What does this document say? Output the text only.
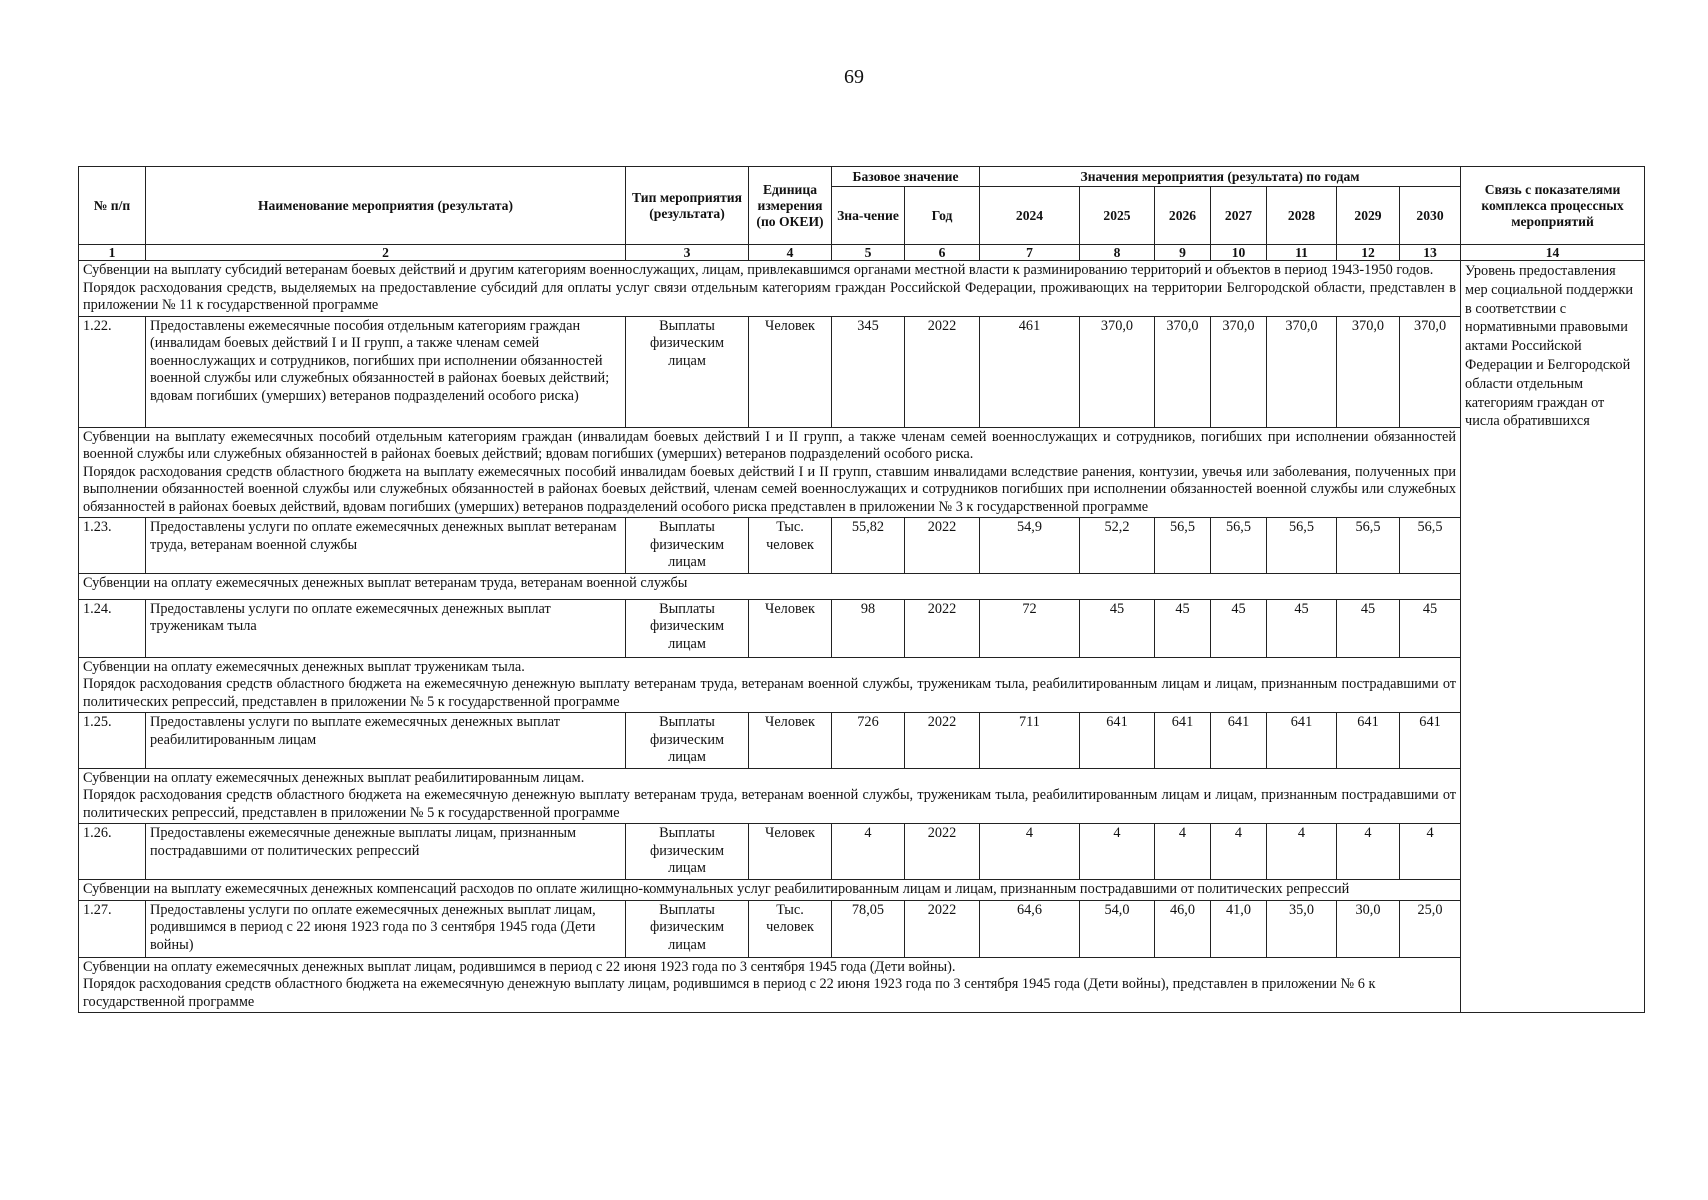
69
№ п/п	Наименование мероприятия (результата)	Тип мероприятия (результата)	Единица измерения (по ОКЕИ)	Базовое значение		Значения мероприятия (результата) по годам							Связь с показателями комплекса процессных мероприятий
				Зна-чение	Год	2024	2025	2026	2027	2028	2029	2030	
1	2	3	4	5	6	7	8	9	10	11	12	13	14

Субвенции на выплату субсидий ветеранам боевых действий и другим категориям военнослужащих, лицам, привлекавшимся органами местной власти к разминированию территорий и объектов в период 1943-1950 годов.

Порядок расходования средств, выделяемых на предоставление субсидий для оплаты услуг связи отдельным категориям граждан Российской Федерации, проживающих на территории Белгородской области, представлен в приложении № 11 к государственной программе													Уровень предоставления мер социальной поддержки в соответствии с нормативными правовыми актами Российской Федерации и Белгородской области отдельным категориям граждан от числа обратившихся
1.22.	Предоставлены ежемесячные пособия отдельным категориям граждан (инвалидам боевых действий I и II групп, а также членам семей военнослужащих и сотрудников, погибших при исполнении обязанностей военной службы или служебных обязанностей в районах боевых действий; вдовам погибших (умерших) ветеранов подразделений особого риска)	Выплаты физическим лицам	Человек	345	2022	461	370,0	370,0	370,0	370,0	370,0	370,0	

Субвенции на выплату ежемесячных пособий отдельным категориям граждан (инвалидам боевых действий I и II групп, а также членам семей военнослужащих и сотрудников, погибших при исполнении обязанностей военной службы или служебных обязанностей в районах боевых действий; вдовам погибших (умерших) ветеранов подразделений особого риска.

Порядок расходования средств областного бюджета на выплату ежемесячных пособий инвалидам боевых действий I и II групп, ставшим инвалидами вследствие ранения, контузии, увечья или заболевания, полученных при выполнении обязанностей военной службы или служебных обязанностей в районах боевых действий, членам семей военнослужащих и сотрудников погибших при исполнении обязанностей военной службы или служебных обязанностей в районах боевых действий, вдовам погибших (умерших) ветеранов подразделений особого риска представлен в приложении № 3 к государственной программе													

1.23.	Предоставлены услуги по оплате ежемесячных денежных выплат ветеранам труда, ветеранам военной службы	Выплаты физическим лицам	Тыс. человек	55,82	2022	54,9	52,2	56,5	56,5	56,5	56,5	56,5	

Субвенции на оплату ежемесячных денежных выплат ветеранам труда, ветеранам военной службы													

1.24.	Предоставлены услуги по оплате ежемесячных денежных выплат труженикам тыла	Выплаты физическим лицам	Человек	98	2022	72	45	45	45	45	45	45	

Субвенции на оплату ежемесячных денежных выплат труженикам тыла.

Порядок расходования средств областного бюджета на ежемесячную денежную выплату ветеранам труда, ветеранам военной службы, труженикам тыла, реабилитированным лицам и лицам, признанным пострадавшими от политических репрессий, представлен в приложении № 5 к государственной программе													

1.25.	Предоставлены услуги по выплате ежемесячных денежных выплат реабилитированным лицам	Выплаты физическим лицам	Человек	726	2022	711	641	641	641	641	641	641	

Субвенции на оплату ежемесячных денежных выплат реабилитированным лицам.

Порядок расходования средств областного бюджета на ежемесячную денежную выплату ветеранам труда, ветеранам военной службы, труженикам тыла, реабилитированным лицам и лицам, признанным пострадавшими от политических репрессий, представлен в приложении № 5 к государственной программе													

1.26.	Предоставлены ежемесячные денежные выплаты лицам, признанным пострадавшими от политических репрессий	Выплаты физическим лицам	Человек	4	2022	4	4	4	4	4	4	4	

Субвенции на выплату ежемесячных денежных компенсаций расходов по оплате жилищно-коммунальных услуг реабилитированным лицам и лицам, признанным пострадавшими от политических репрессий													

1.27.	Предоставлены услуги по оплате ежемесячных денежных выплат лицам, родившимся в период с 22 июня 1923 года по 3 сентября 1945 года (Дети войны)	Выплаты физическим лицам	Тыс. человек	78,05	2022	64,6	54,0	46,0	41,0	35,0	30,0	25,0	

Субвенции на оплату ежемесячных денежных выплат лицам, родившимся в период с 22 июня 1923 года по 3 сентября 1945 года (Дети войны).

Порядок расходования средств областного бюджета на ежемесячную денежную выплату лицам, родившимся в период с 22 июня 1923 года по 3 сентября 1945 года (Дети войны), представлен в приложении № 6 к государственной программе													
